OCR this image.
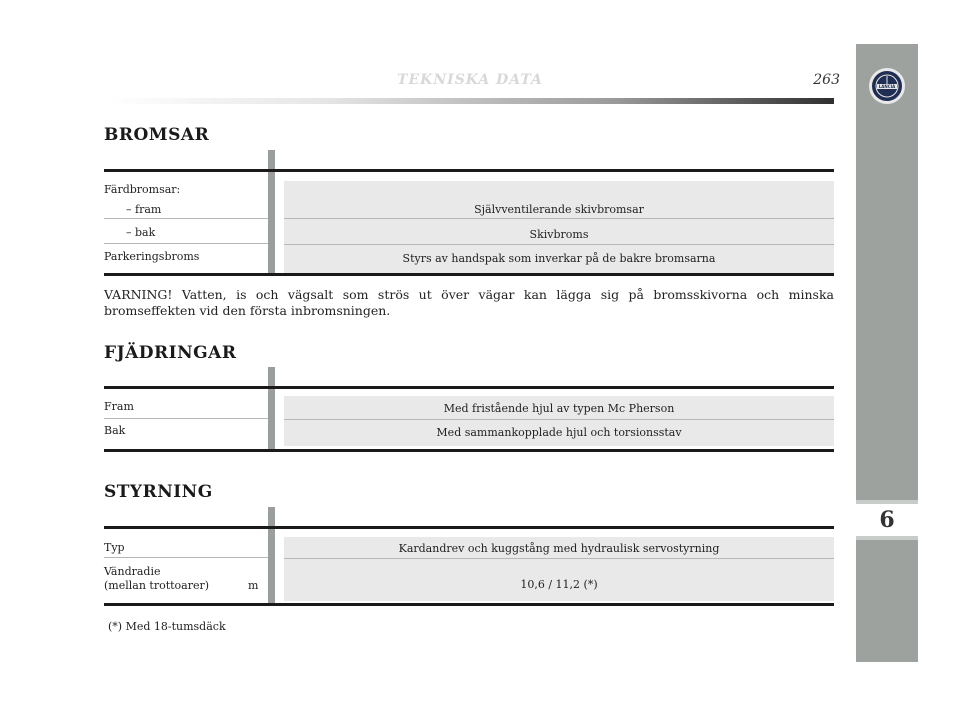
LANCIA
6
TEKNISKA DATA	263
BROMSAR
Färdbromsar:
– fram	Självventilerande skivbromsar
– bak	Skivbroms
Parkeringsbroms	Styrs av handspak som inverkar på de bakre bromsarna
VARNING! Vatten, is och vägsalt som strös ut över vägar kan lägga sig på bromsskivorna och minska bromseffekten vid den första inbromsningen.
FJÄDRINGAR
Fram	Med fristående hjul av typen Mc Pherson
Bak	Med sammankopplade hjul och torsionsstav
STYRNING
Typ	Kardandrev och kuggstång med hydraulisk servostyrning
Vändradie
(mellan trottoarer)	m	10,6 / 11,2 (*)
(*) Med 18-tumsdäck
